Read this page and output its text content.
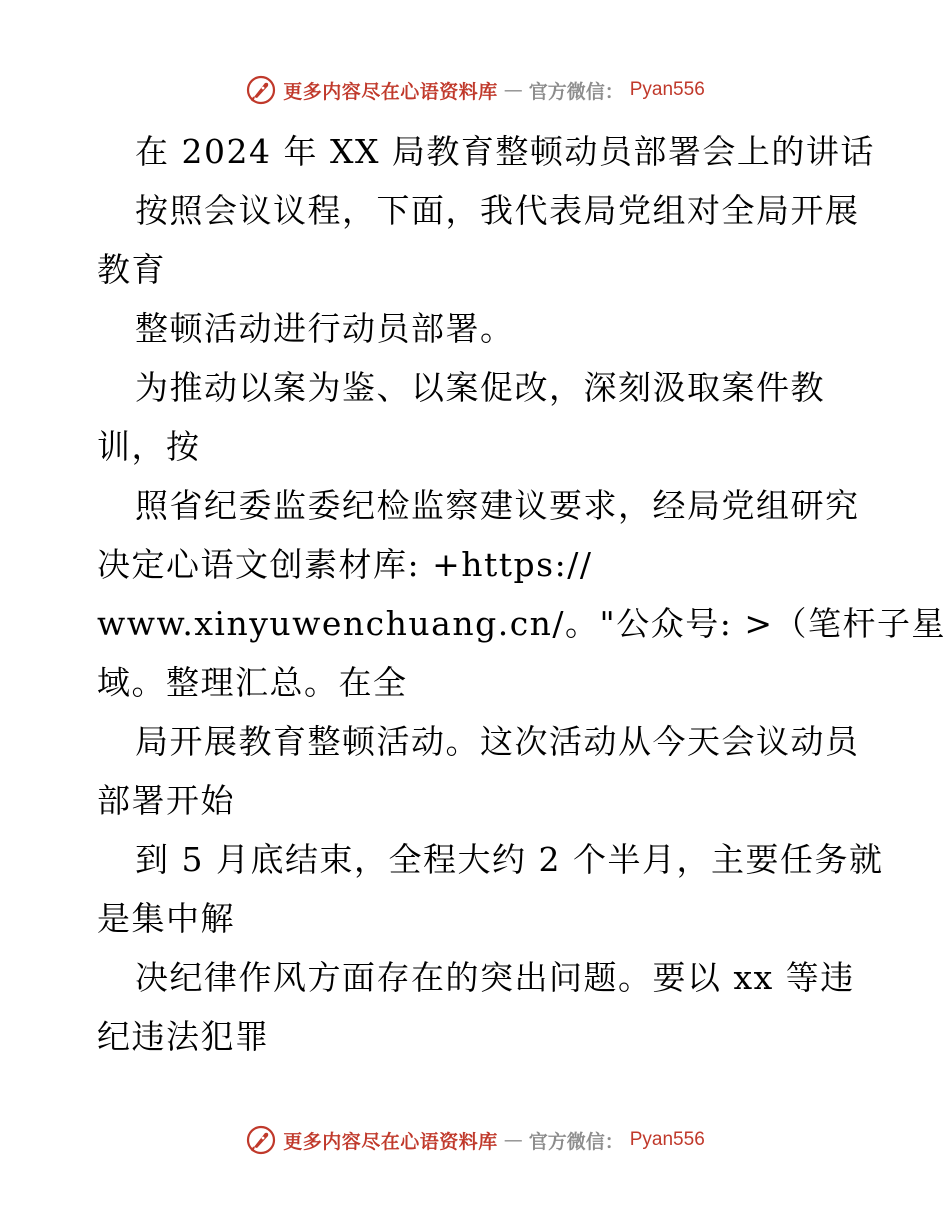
更多内容尽在心语资料库 — 官方微信： Pyan556
在 2024 年 XX 局教育整顿动员部署会上的讲话
按照会议议程，下面，我代表局党组对全局开展
教育
整顿活动进行动员部署。
为推动以案为鉴、以案促改，深刻汲取案件教
训，按
照省纪委监委纪检监察建议要求，经局党组研究
决定心语文创素材库: +https://
www.xinyuwenchuang.cn/。"公众号: >（笔杆子星
域。整理汇总。在全
局开展教育整顿活动。这次活动从今天会议动员
部署开始
到 5 月底结束，全程大约 2 个半月，主要任务就
是集中解
决纪律作风方面存在的突出问题。要以 xx 等违
纪违法犯罪
更多内容尽在心语资料库 — 官方微信： Pyan556
